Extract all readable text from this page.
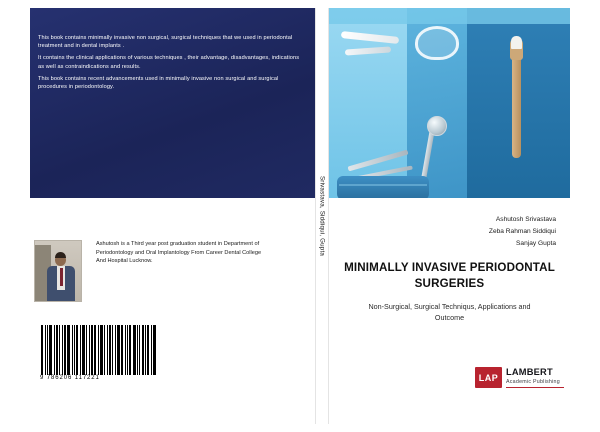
This book contains minimally invasive non surgical, surgical techniques that we used in periodontal treatment and in dental implants .

It contains the clinical applications of various techniques , their advantage, disadvantages, indications as well as contraindications and results.

This book contains recent advancements used in minimally invasive non surgical and surgical procedures in periodontology.

Ashutosh is a Third year post graduation student in Department of Periodontology and Oral Implantology From Career Dental College And Hospital Lucknow.
9 786206 117221
Srivastava, Siddiqui, Gupta	Ashutosh Srivastava
Zeba Rahman Siddiqui
Sanjay Gupta
MINIMALLY INVASIVE PERIODONTAL SURGERIES
Non-Surgical, Surgical Techniqus, Applications and Outcome
LAP
LAMBERT
Academic Publishing
